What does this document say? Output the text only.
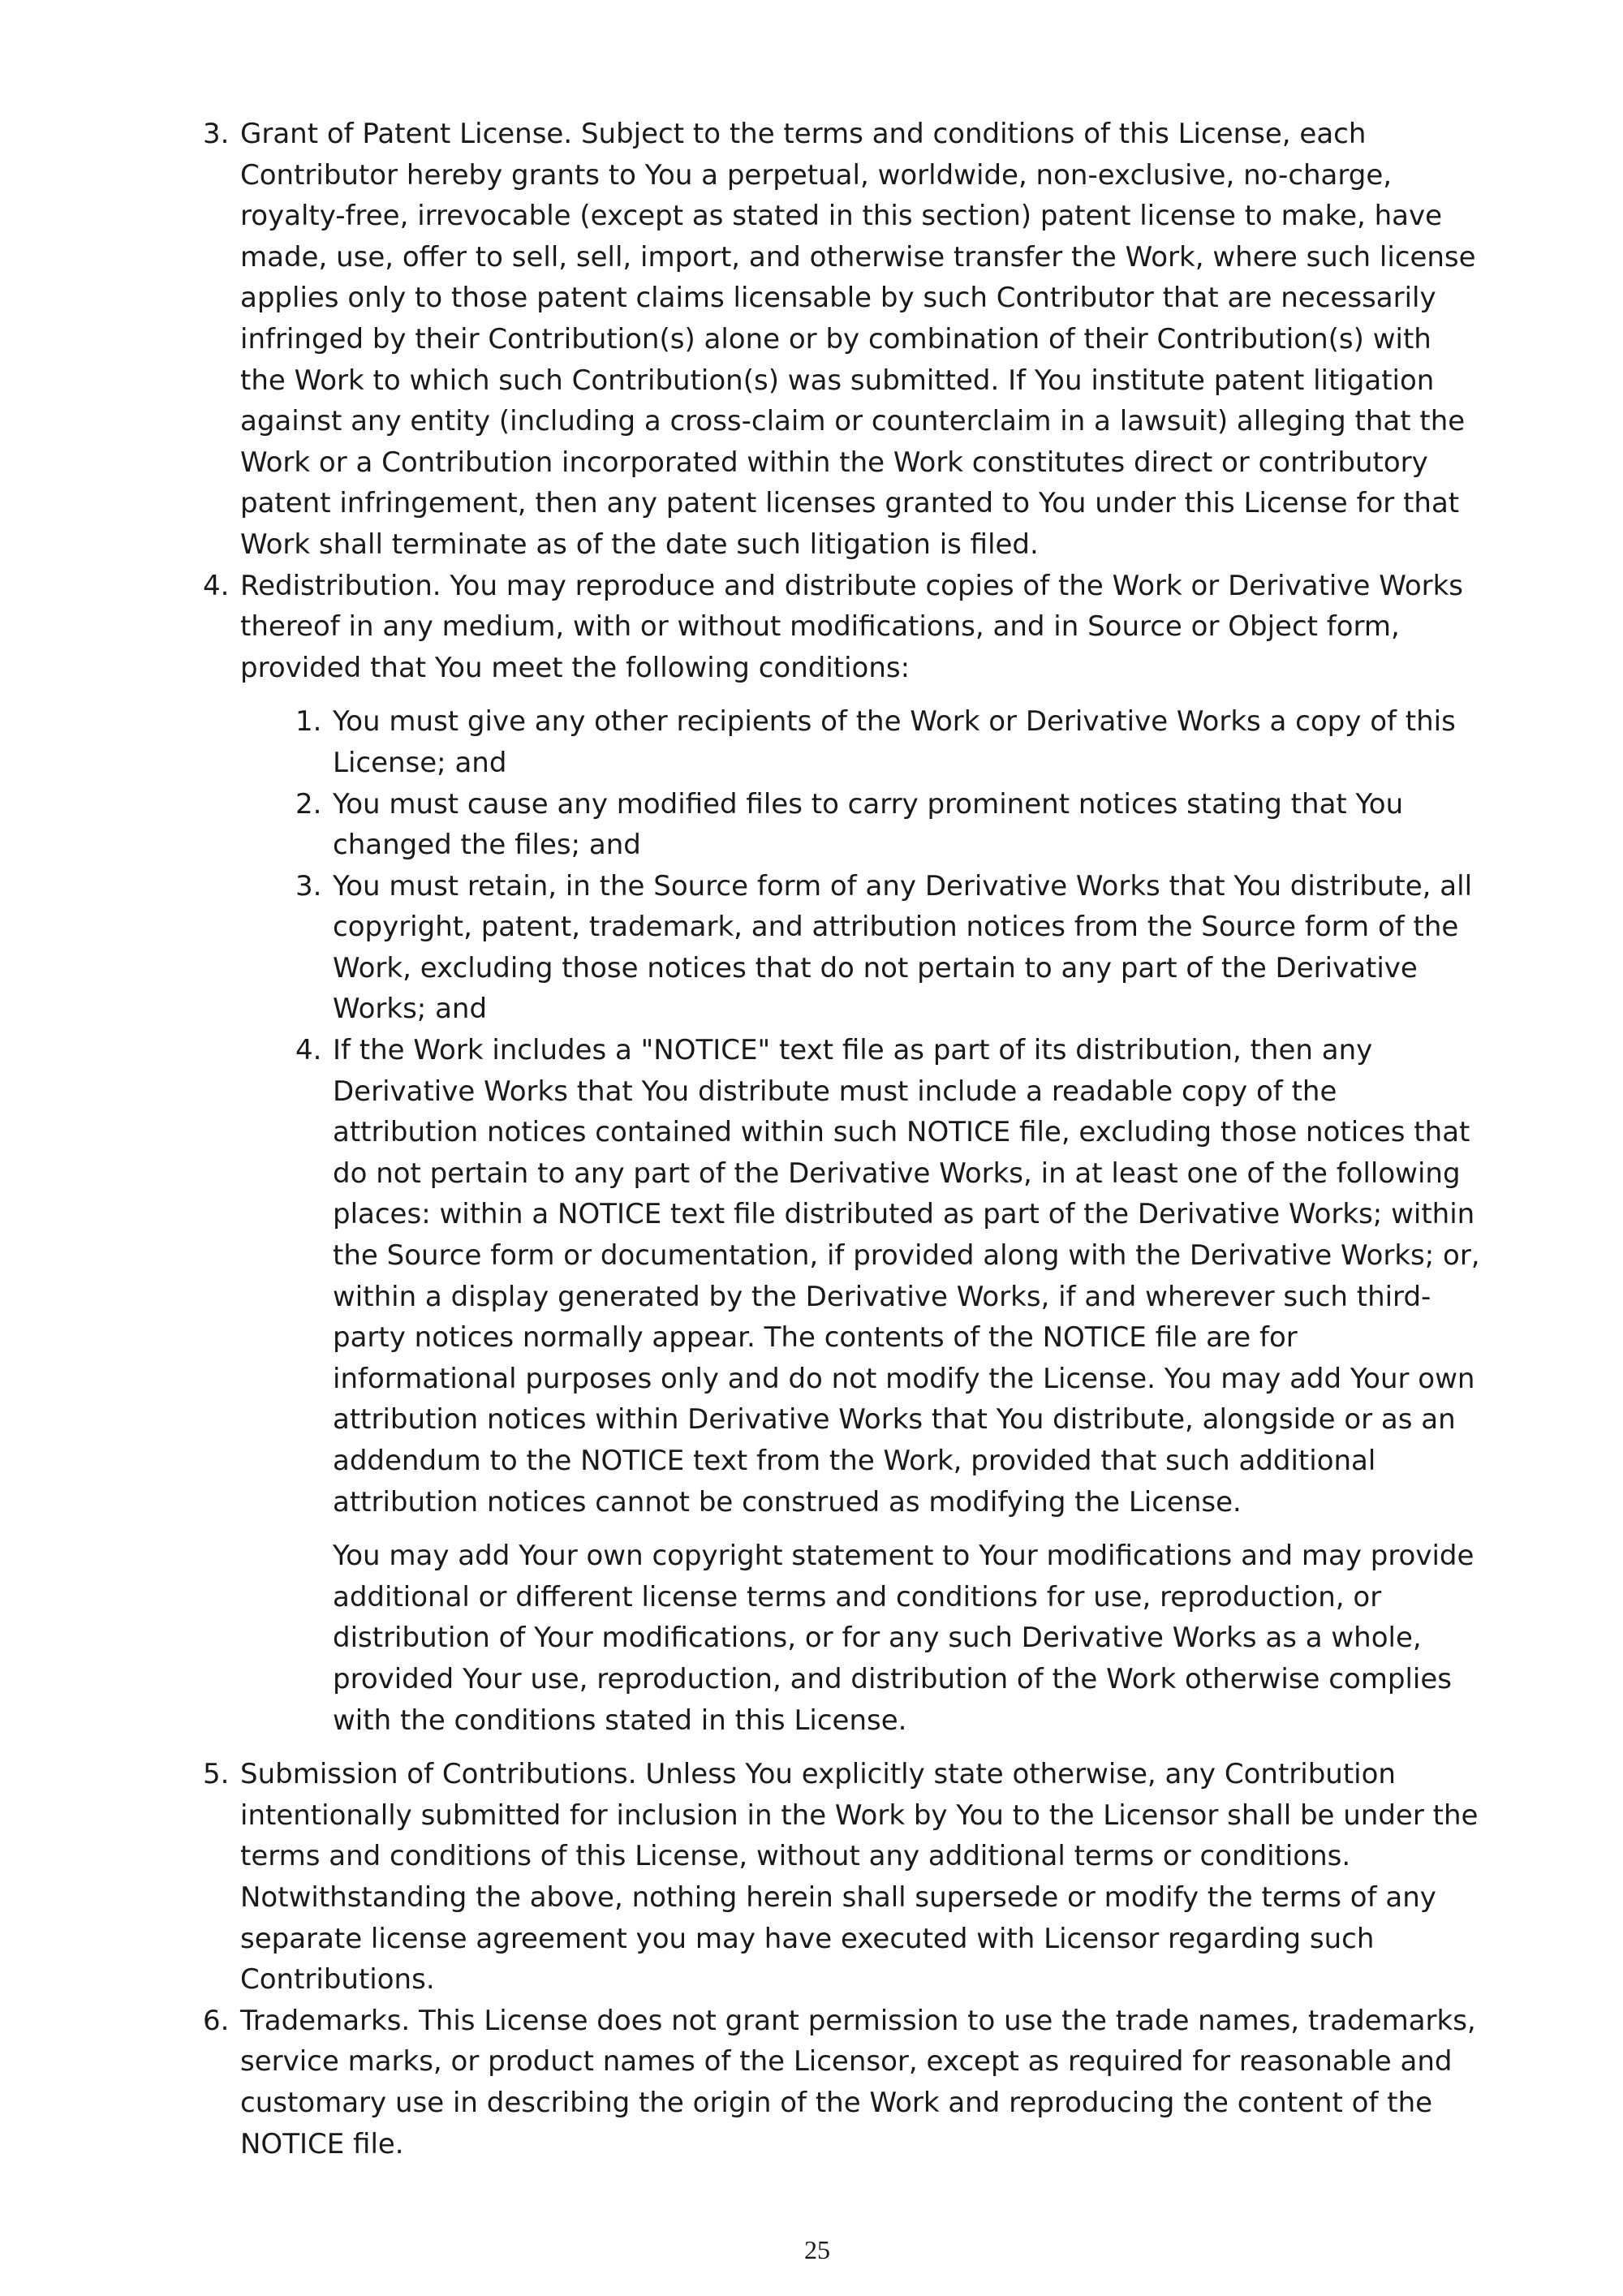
3. Grant of Patent License. Subject to the terms and conditions of this License, each Contributor hereby grants to You a perpetual, worldwide, non-exclusive, no-charge, royalty-free, irrevocable (except as stated in this section) patent license to make, have made, use, offer to sell, sell, import, and otherwise transfer the Work, where such license applies only to those patent claims licensable by such Contributor that are necessarily infringed by their Contribution(s) alone or by combination of their Contribution(s) with the Work to which such Contribution(s) was submitted. If You institute patent litigation against any entity (including a cross-claim or counterclaim in a lawsuit) alleging that the Work or a Contribution incorporated within the Work constitutes direct or contributory patent infringement, then any patent licenses granted to You under this License for that Work shall terminate as of the date such litigation is filed.
4. Redistribution. You may reproduce and distribute copies of the Work or Derivative Works thereof in any medium, with or without modifications, and in Source or Object form, provided that You meet the following conditions:
1. You must give any other recipients of the Work or Derivative Works a copy of this License; and
2. You must cause any modified files to carry prominent notices stating that You changed the files; and
3. You must retain, in the Source form of any Derivative Works that You distribute, all copyright, patent, trademark, and attribution notices from the Source form of the Work, excluding those notices that do not pertain to any part of the Derivative Works; and
4. If the Work includes a "NOTICE" text file as part of its distribution, then any Derivative Works that You distribute must include a readable copy of the attribution notices contained within such NOTICE file, excluding those notices that do not pertain to any part of the Derivative Works, in at least one of the following places: within a NOTICE text file distributed as part of the Derivative Works; within the Source form or documentation, if provided along with the Derivative Works; or, within a display generated by the Derivative Works, if and wherever such third-party notices normally appear. The contents of the NOTICE file are for informational purposes only and do not modify the License. You may add Your own attribution notices within Derivative Works that You distribute, alongside or as an addendum to the NOTICE text from the Work, provided that such additional attribution notices cannot be construed as modifying the License.
You may add Your own copyright statement to Your modifications and may provide additional or different license terms and conditions for use, reproduction, or distribution of Your modifications, or for any such Derivative Works as a whole, provided Your use, reproduction, and distribution of the Work otherwise complies with the conditions stated in this License.
5. Submission of Contributions. Unless You explicitly state otherwise, any Contribution intentionally submitted for inclusion in the Work by You to the Licensor shall be under the terms and conditions of this License, without any additional terms or conditions. Notwithstanding the above, nothing herein shall supersede or modify the terms of any separate license agreement you may have executed with Licensor regarding such Contributions.
6. Trademarks. This License does not grant permission to use the trade names, trademarks, service marks, or product names of the Licensor, except as required for reasonable and customary use in describing the origin of the Work and reproducing the content of the NOTICE file.
25
